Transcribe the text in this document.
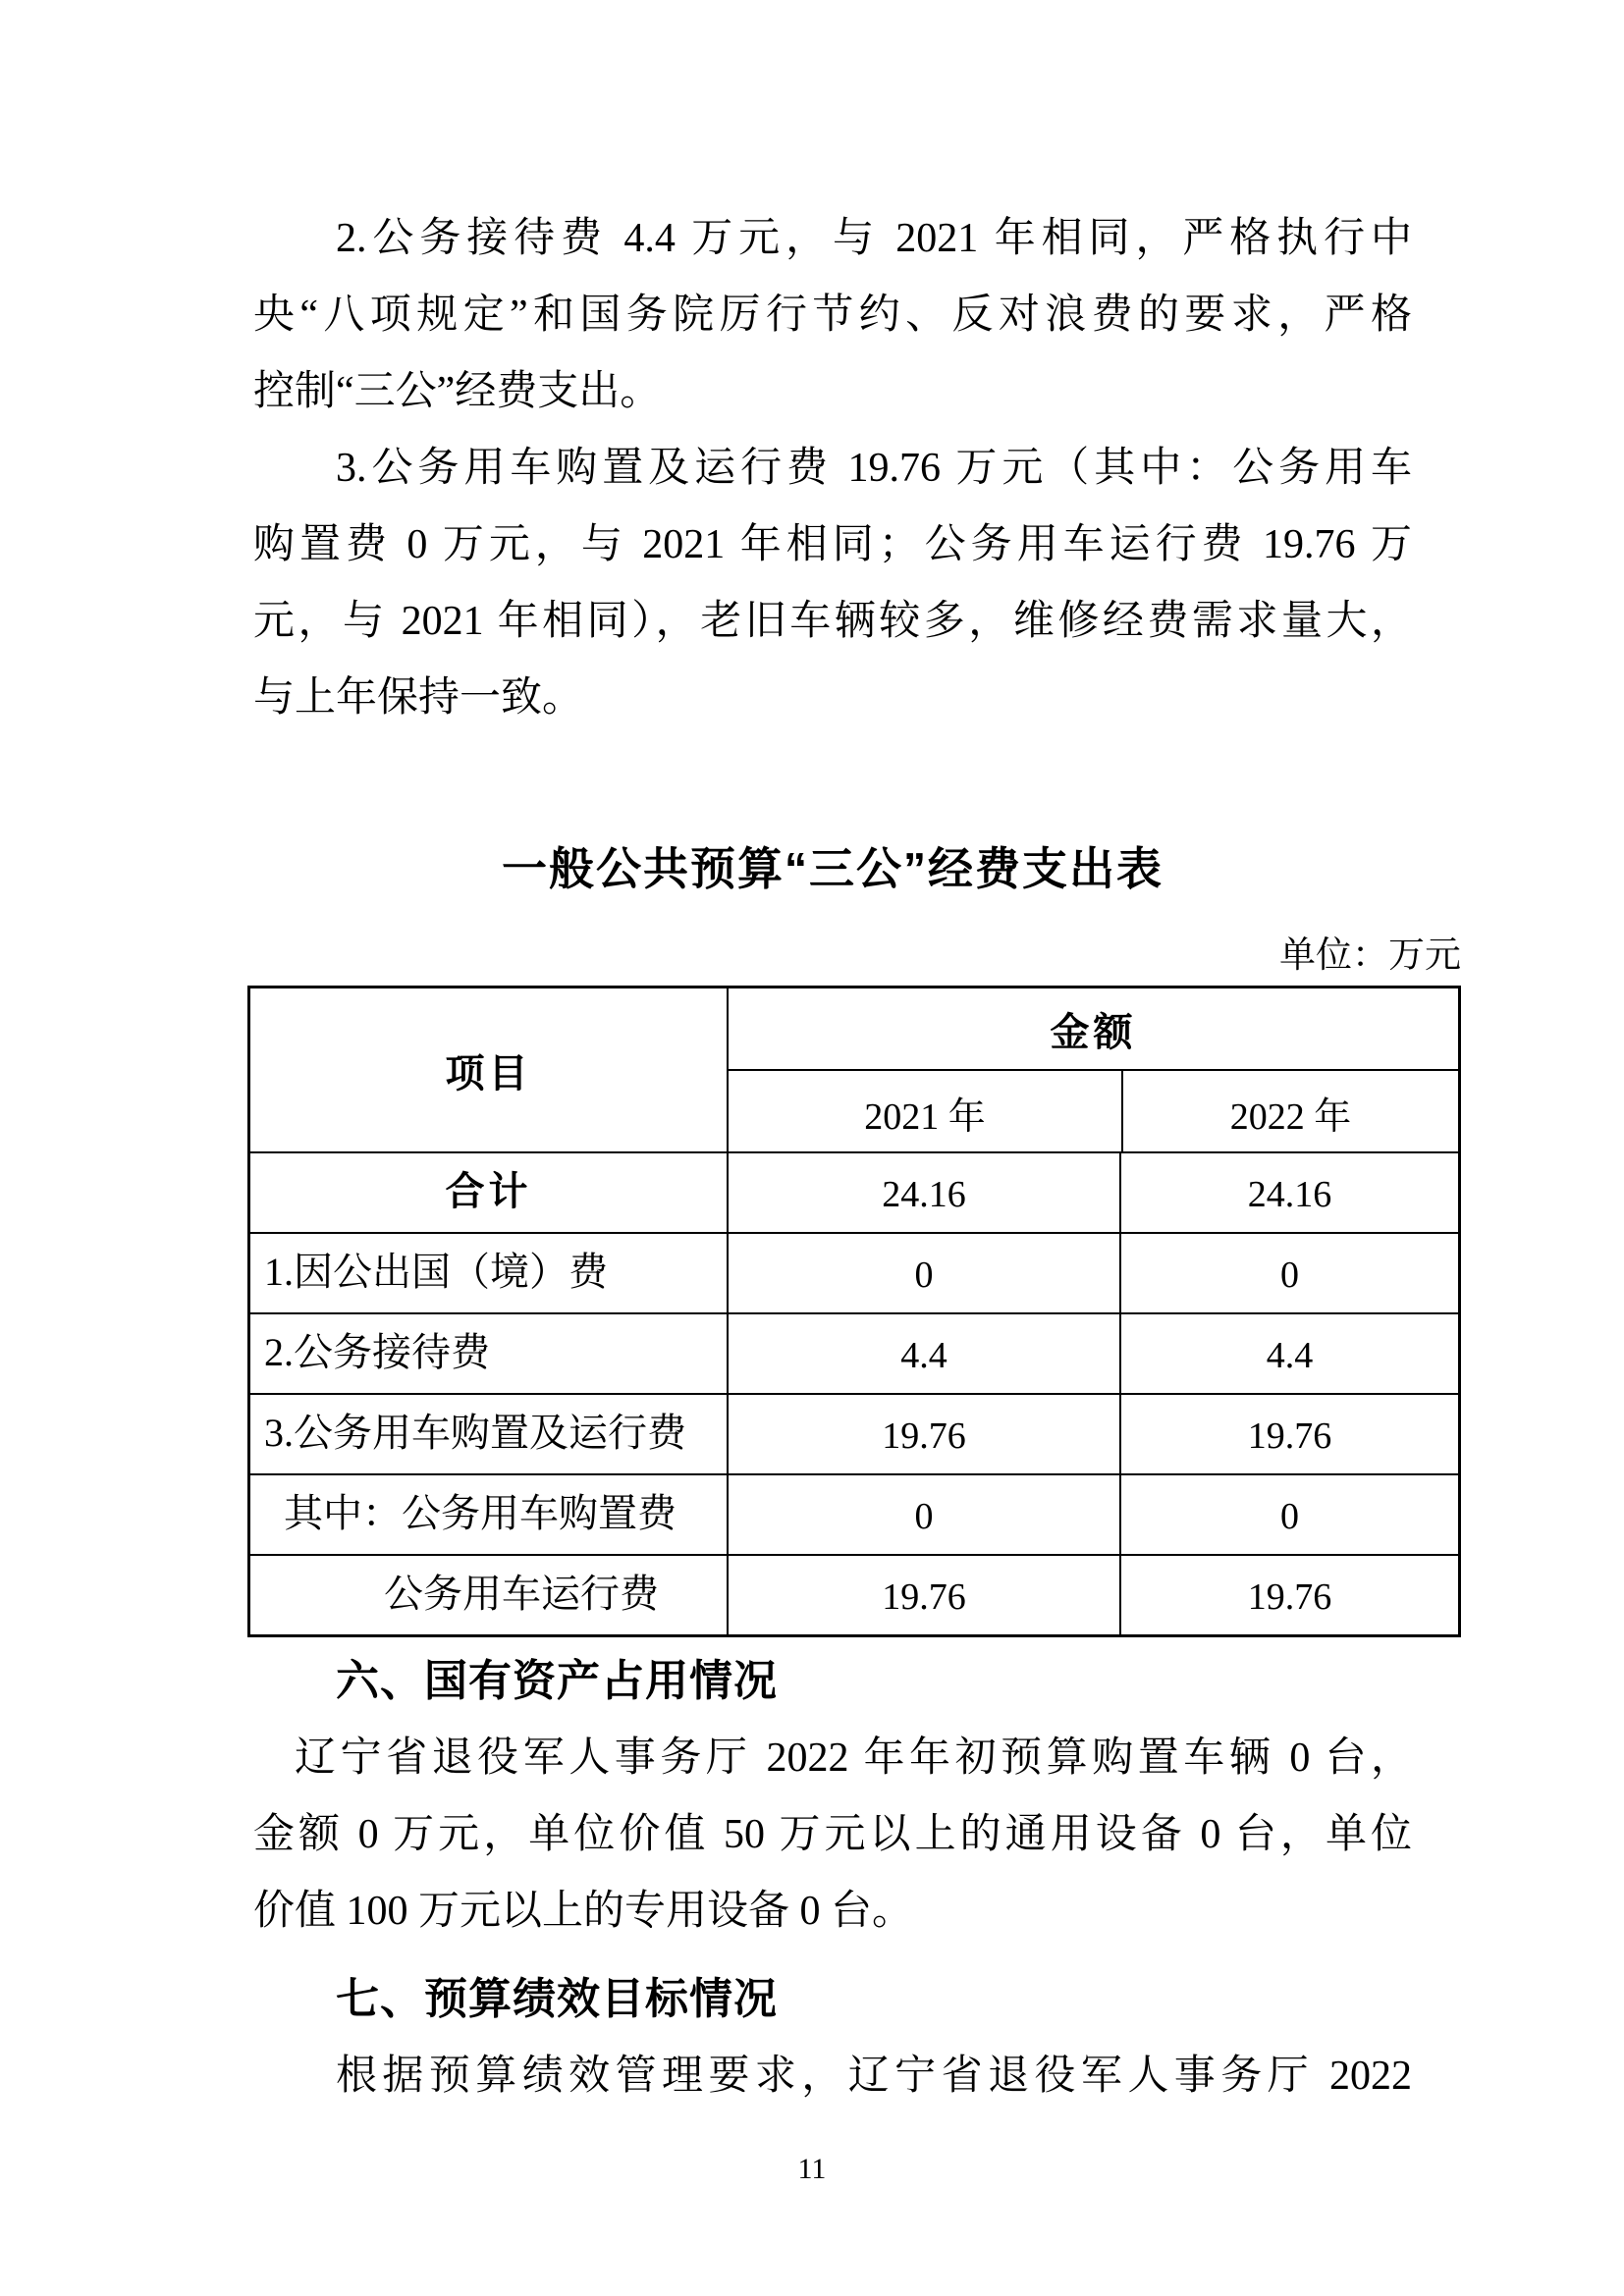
2.公务接待费 4.4 万元，与 2021 年相同，严格执行中
央“八项规定”和国务院厉行节约、反对浪费的要求，严格
控制“三公”经费支出。
3.公务用车购置及运行费 19.76 万元（其中：公务用车
购置费 0 万元，与 2021 年相同；公务用车运行费 19.76 万
元，与 2021 年相同），老旧车辆较多，维修经费需求量大，
与上年保持一致。
一般公共预算“三公”经费支出表
单位：万元
项目
金额
2021 年	2022 年
合计	24.16	24.16
1.因公出国（境）费	0	0
2.公务接待费	4.4	4.4
3.公务用车购置及运行费	19.76	19.76
其中：公务用车购置费	0	0
公务用车运行费	19.76	19.76
六、国有资产占用情况
辽宁省退役军人事务厅 2022 年年初预算购置车辆 0 台，
金额 0 万元，单位价值 50 万元以上的通用设备 0 台，单位
价值 100 万元以上的专用设备 0 台。
七、预算绩效目标情况
根据预算绩效管理要求，辽宁省退役军人事务厅 2022
11
